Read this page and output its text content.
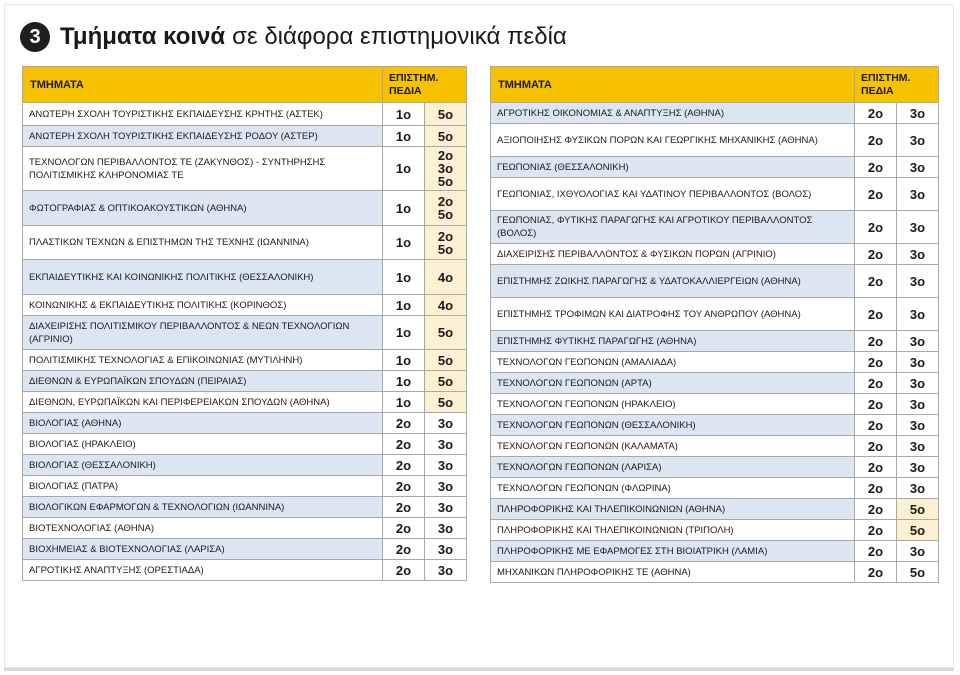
3 Τμήματα κοινά σε διάφορα επιστημονικά πεδία
ΤΜΗΜΑΤΑ	ΕΠΙΣΤΗΜ.
ΠΕΔΙΑ	

ΑΝΩΤΕΡΗ ΣΧΟΛΗ ΤΟΥΡΙΣΤΙΚΗΣ ΕΚΠΑΙΔΕΥΣΗΣ ΚΡΗΤΗΣ (ΑΣΤΕΚ)	1ο	5ο

ΑΝΩΤΕΡΗ ΣΧΟΛΗ ΤΟΥΡΙΣΤΙΚΗΣ ΕΚΠΑΙΔΕΥΣΗΣ ΡΟΔΟΥ (ΑΣΤΕΡ)	1ο	5ο

ΤΕΧΝΟΛΟΓΩΝ ΠΕΡΙΒΑΛΛΟΝΤΟΣ ΤΕ (ΖΑΚΥΝΘΟΣ) - ΣΥΝΤΗΡΗΣΗΣ ΠΟΛΙΤΙΣΜΙΚΗΣ ΚΛΗΡΟΝΟΜΙΑΣ ΤΕ	1ο	2ο
3ο
5ο

ΦΩΤΟΓΡΑΦΙΑΣ & ΟΠΤΙΚΟΑΚΟΥΣΤΙΚΩΝ (ΑΘΗΝΑ)	1ο	2ο
5ο

ΠΛΑΣΤΙΚΩΝ ΤΕΧΝΩΝ & ΕΠΙΣΤΗΜΩΝ ΤΗΣ ΤΕΧΝΗΣ (ΙΩΑΝΝΙΝΑ)	1ο	2ο
5ο

ΕΚΠΑΙΔΕΥΤΙΚΗΣ ΚΑΙ ΚΟΙΝΩΝΙΚΗΣ ΠΟΛΙΤΙΚΗΣ (ΘΕΣΣΑΛΟΝΙΚΗ)	1ο	4ο

ΚΟΙΝΩΝΙΚΗΣ & ΕΚΠΑΙΔΕΥΤΙΚΗΣ ΠΟΛΙΤΙΚΗΣ (ΚΟΡΙΝΘΟΣ)	1ο	4ο

ΔΙΑΧΕΙΡΙΣΗΣ ΠΟΛΙΤΙΣΜΙΚΟΥ ΠΕΡΙΒΑΛΛΟΝΤΟΣ & ΝΕΩΝ ΤΕΧΝΟΛΟΓΙΩΝ (ΑΓΡΙΝΙΟ)	1ο	5ο

ΠΟΛΙΤΙΣΜΙΚΗΣ ΤΕΧΝΟΛΟΓΙΑΣ & ΕΠΙΚΟΙΝΩΝΙΑΣ (ΜΥΤΙΛΗΝΗ)	1ο	5ο

ΔΙΕΘΝΩΝ & ΕΥΡΩΠΑΪΚΩΝ ΣΠΟΥΔΩΝ (ΠΕΙΡΑΙΑΣ)	1ο	5ο

ΔΙΕΘΝΩΝ, ΕΥΡΩΠΑΪΚΩΝ ΚΑΙ ΠΕΡΙΦΕΡΕΙΑΚΩΝ ΣΠΟΥΔΩΝ (ΑΘΗΝΑ)	1ο	5ο

ΒΙΟΛΟΓΙΑΣ (ΑΘΗΝΑ)	2ο	3ο

ΒΙΟΛΟΓΙΑΣ (ΗΡΑΚΛΕΙΟ)	2ο	3ο

ΒΙΟΛΟΓΙΑΣ (ΘΕΣΣΑΛΟΝΙΚΗ)	2ο	3ο

ΒΙΟΛΟΓΙΑΣ (ΠΑΤΡΑ)	2ο	3ο

ΒΙΟΛΟΓΙΚΩΝ ΕΦΑΡΜΟΓΩΝ & ΤΕΧΝΟΛΟΓΙΩΝ (ΙΩΑΝΝΙΝΑ)	2ο	3ο

ΒΙΟΤΕΧΝΟΛΟΓΙΑΣ (ΑΘΗΝΑ)	2ο	3ο

ΒΙΟΧΗΜΕΙΑΣ & ΒΙΟΤΕΧΝΟΛΟΓΙΑΣ (ΛΑΡΙΣΑ)	2ο	3ο

ΑΓΡΟΤΙΚΗΣ ΑΝΑΠΤΥΞΗΣ (ΟΡΕΣΤΙΑΔΑ)	2ο	3ο
ΤΜΗΜΑΤΑ	ΕΠΙΣΤΗΜ.
ΠΕΔΙΑ	

ΑΓΡΟΤΙΚΗΣ ΟΙΚΟΝΟΜΙΑΣ & ΑΝΑΠΤΥΞΗΣ (ΑΘΗΝΑ)	2ο	3ο

ΑΞΙΟΠΟΙΗΣΗΣ ΦΥΣΙΚΩΝ ΠΟΡΩΝ ΚΑΙ ΓΕΩΡΓΙΚΗΣ ΜΗΧΑΝΙΚΗΣ (ΑΘΗΝΑ)	2ο	3ο

ΓΕΩΠΟΝΙΑΣ (ΘΕΣΣΑΛΟΝΙΚΗ)	2ο	3ο

ΓΕΩΠΟΝΙΑΣ, ΙΧΘΥΟΛΟΓΙΑΣ ΚΑΙ ΥΔΑΤΙΝΟΥ ΠΕΡΙΒΑΛΛΟΝΤΟΣ (ΒΟΛΟΣ)	2ο	3ο

ΓΕΩΠΟΝΙΑΣ, ΦΥΤΙΚΗΣ ΠΑΡΑΓΩΓΗΣ ΚΑΙ ΑΓΡΟΤΙΚΟΥ ΠΕΡΙΒΑΛΛΟΝΤΟΣ (ΒΟΛΟΣ)	2ο	3ο

ΔΙΑΧΕΙΡΙΣΗΣ ΠΕΡΙΒΑΛΛΟΝΤΟΣ & ΦΥΣΙΚΩΝ ΠΟΡΩΝ (ΑΓΡΙΝΙΟ)	2ο	3ο

ΕΠΙΣΤΗΜΗΣ ΖΩΙΚΗΣ ΠΑΡΑΓΩΓΗΣ & ΥΔΑΤΟΚΑΛΛΙΕΡΓΕΙΩΝ (ΑΘΗΝΑ)	2ο	3ο

ΕΠΙΣΤΗΜΗΣ ΤΡΟΦΙΜΩΝ ΚΑΙ ΔΙΑΤΡΟΦΗΣ ΤΟΥ ΑΝΘΡΩΠΟΥ (ΑΘΗΝΑ)	2ο	3ο

ΕΠΙΣΤΗΜΗΣ ΦΥΤΙΚΗΣ ΠΑΡΑΓΩΓΗΣ (ΑΘΗΝΑ)	2ο	3ο

ΤΕΧΝΟΛΟΓΩΝ ΓΕΩΠΟΝΩΝ (ΑΜΑΛΙΑΔΑ)	2ο	3ο

ΤΕΧΝΟΛΟΓΩΝ ΓΕΩΠΟΝΩΝ (ΑΡΤΑ)	2ο	3ο

ΤΕΧΝΟΛΟΓΩΝ ΓΕΩΠΟΝΩΝ (ΗΡΑΚΛΕΙΟ)	2ο	3ο

ΤΕΧΝΟΛΟΓΩΝ ΓΕΩΠΟΝΩΝ (ΘΕΣΣΑΛΟΝΙΚΗ)	2ο	3ο

ΤΕΧΝΟΛΟΓΩΝ ΓΕΩΠΟΝΩΝ (ΚΑΛΑΜΑΤΑ)	2ο	3ο

ΤΕΧΝΟΛΟΓΩΝ ΓΕΩΠΟΝΩΝ (ΛΑΡΙΣΑ)	2ο	3ο

ΤΕΧΝΟΛΟΓΩΝ ΓΕΩΠΟΝΩΝ (ΦΛΩΡΙΝΑ)	2ο	3ο

ΠΛΗΡΟΦΟΡΙΚΗΣ ΚΑΙ ΤΗΛΕΠΙΚΟΙΝΩΝΙΩΝ (ΑΘΗΝΑ)	2ο	5ο

ΠΛΗΡΟΦΟΡΙΚΗΣ ΚΑΙ ΤΗΛΕΠΙΚΟΙΝΩΝΙΩΝ (ΤΡΙΠΟΛΗ)	2ο	5ο

ΠΛΗΡΟΦΟΡΙΚΗΣ ΜΕ ΕΦΑΡΜΟΓΕΣ ΣΤΗ ΒΙΟΙΑΤΡΙΚΗ (ΛΑΜΙΑ)	2ο	3ο

ΜΗΧΑΝΙΚΩΝ ΠΛΗΡΟΦΟΡΙΚΗΣ ΤΕ (ΑΘΗΝΑ)	2ο	5ο
